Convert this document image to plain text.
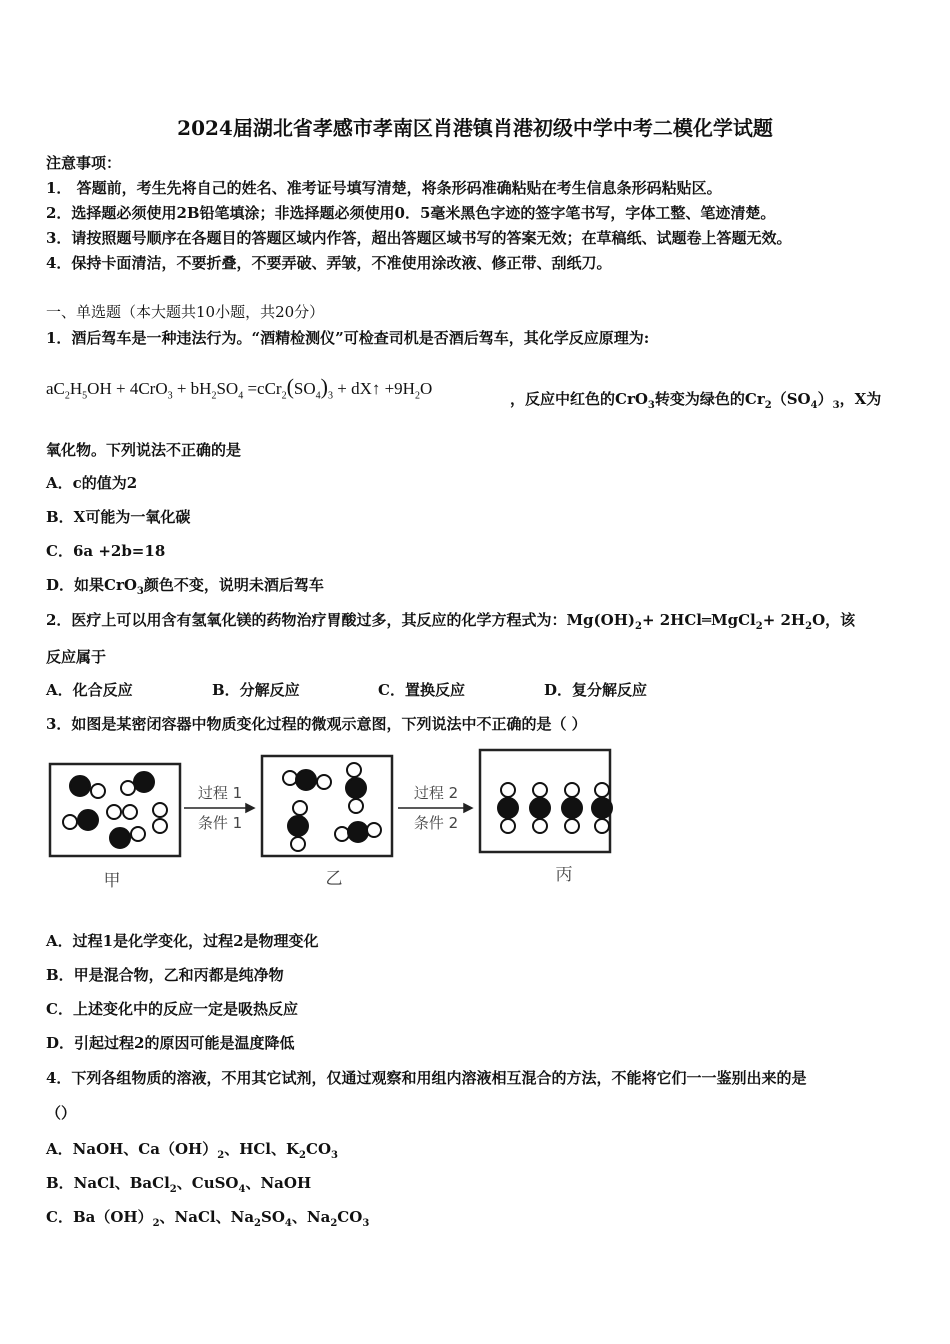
2024届湖北省孝感市孝南区肖港镇肖港初级中学中考二模化学试题
注意事项：
1． 答题前，考生先将自己的姓名、准考证号填写清楚，将条形码准确粘贴在考生信息条形码粘贴区。
2．选择题必须使用2B铅笔填涂；非选择题必须使用0．5毫米黑色字迹的签字笔书写，字体工整、笔迹清楚。
3．请按照题号顺序在各题目的答题区域内作答，超出答题区域书写的答案无效；在草稿纸、试题卷上答题无效。
4．保持卡面清洁，不要折叠，不要弄破、弄皱，不准使用涂改液、修正带、刮纸刀。
一、单选题（本大题共10小题，共20分）
1．酒后驾车是一种违法行为。“酒精检测仪”可检查司机是否酒后驾车，其化学反应原理为:
$aC_2H_5OH + 4CrO_3 + bH_2SO_4 =cCr_2(SO_4)_3$ + dX↑ $+9H_2O$
，反应中红色的CrO$_3$转变为绿色的$Cr_2(SO_4)_3$，X为
氧化物。下列说法不正确的是
A．c的值为2
B．X可能为一氧化碳
C．6a +2b=18
D．如果CrO$_3$颜色不变，说明未酒后驾车
2．医疗上可以用含有氢氧化镁的药物治疗胃酸过多，其反应的化学方程式为：$Mg(OH)_2+$ 2HCl═MgCl$_2$+ $2H_2O$，该
反应属于
A．化合反应	B．分解反应	C．置换反应	D．复分解反应
3．如图是某密闭容器中物质变化过程的微观示意图，下列说法中不正确的是（ ）
过程 1
条件 1
过程 2
条件 2
甲	乙	丙
A．过程1是化学变化，过程2是物理变化
B．甲是混合物，乙和丙都是纯净物
C．上述变化中的反应一定是吸热反应
D．引起过程2的原因可能是温度降低
4．下列各组物质的溶液，不用其它试剂，仅通过观察和用组内溶液相互混合的方法，不能将它们一一鉴别出来的是
（）
A．NaOH、$Ca(OH)_2$、HCl、$K_2CO_3$
B．NaCl、BaCl$_2$、CuSO$_4$、NaOH
C．$Ba(OH)_2$、NaCl、$Na_2SO_4$、$Na_2CO_3$
